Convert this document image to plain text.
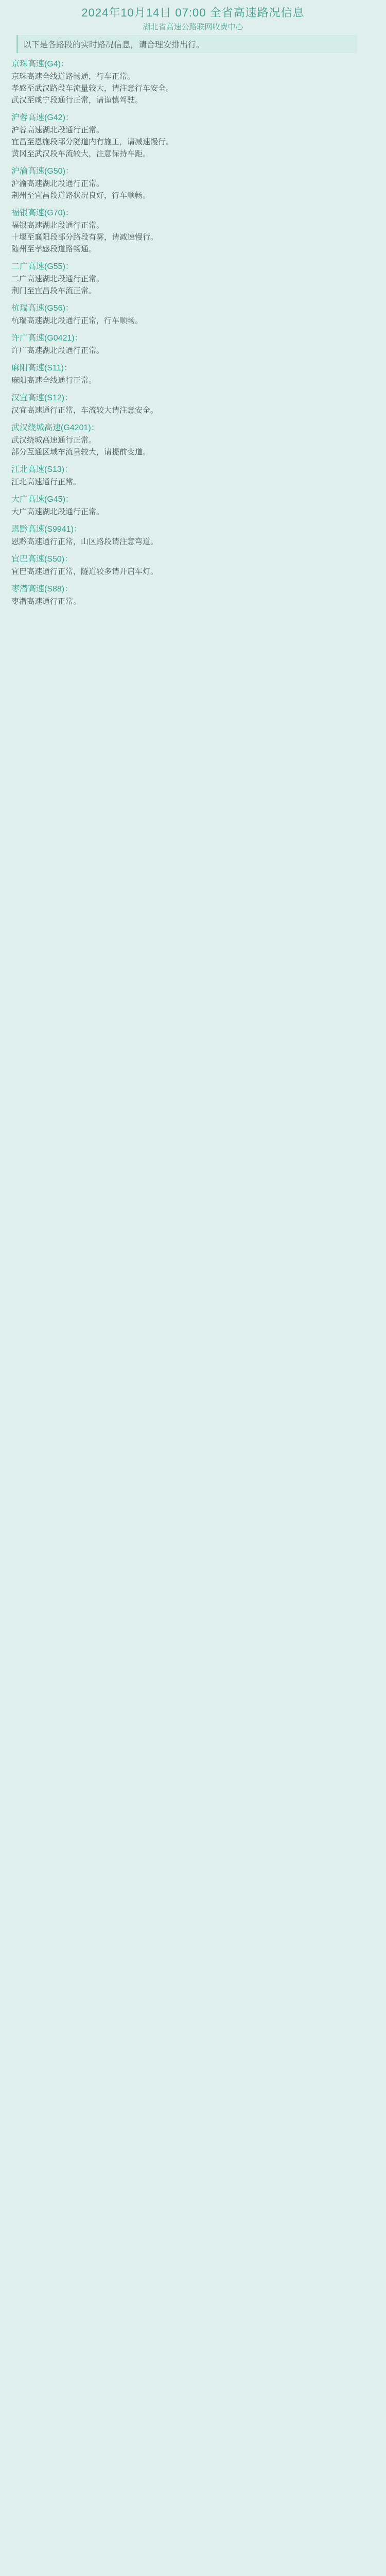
2024年10月14日 07:00 全省高速路况信息
湖北省高速公路联网收费中心
以下是各路段的实时路况信息，请合理安排出行。
京珠高速(G4)：
京珠高速全线道路畅通，行车正常。
孝感至武汉路段车流量较大，请注意行车安全。
武汉至咸宁段通行正常，请谨慎驾驶。
沪蓉高速(G42)：
沪蓉高速湖北段通行正常。
宜昌至恩施段部分隧道内有施工，请减速慢行。
黄冈至武汉段车流较大，注意保持车距。
沪渝高速(G50)：
沪渝高速湖北段通行正常。
荆州至宜昌段道路状况良好，行车顺畅。
福银高速(G70)：
福银高速湖北段通行正常。
十堰至襄阳段部分路段有雾，请减速慢行。
随州至孝感段道路畅通。
二广高速(G55)：
二广高速湖北段通行正常。
荆门至宜昌段车流正常。
杭瑞高速(G56)：
杭瑞高速湖北段通行正常，行车顺畅。
许广高速(G0421)：
许广高速湖北段通行正常。
麻阳高速(S11)：
麻阳高速全线通行正常。
汉宜高速(S12)：
汉宜高速通行正常，车流较大请注意安全。
武汉绕城高速(G4201)：
武汉绕城高速通行正常。
部分互通区域车流量较大，请提前变道。
江北高速(S13)：
江北高速通行正常。
大广高速(G45)：
大广高速湖北段通行正常。
恩黔高速(S9941)：
恩黔高速通行正常，山区路段请注意弯道。
宜巴高速(S50)：
宜巴高速通行正常，隧道较多请开启车灯。
枣潜高速(S88)：
枣潜高速通行正常。
